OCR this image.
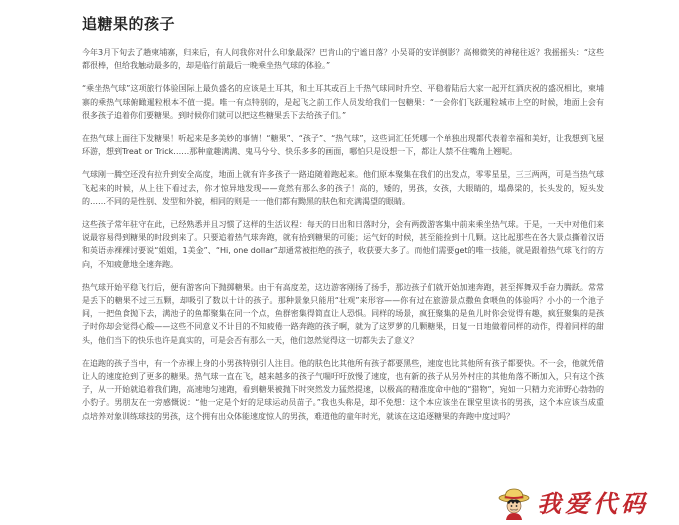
追糖果的孩子

今年3月下旬去了趟柬埔寨，归来后，有人问我你对什么印象最深？巴肯山的宁谧日落？小吴哥的安详倒影？高棉微笑的神秘往返？我摇摇头：“这些都很棒，但给我触动最多的，却是临行前最后一晚乘坐热气球的体验。”

“乘坐热气球”这项旅行体验国际上最负盛名的应该是土耳其，和土耳其或百上千热气球同时升空、平稳着陆后大家一起开红酒庆祝的盛况相比，柬埔寨的乘热气球俯瞰暹粒根本不值一提。唯一有点特别的，是起飞之前工作人员发给我们一包糖果：“一会你们飞跃暹粒城市上空的时候，地面上会有很多孩子追着你们要糖果。到时候你们就可以把这些糖果丢下去给孩子们。”

在热气球上面往下发糖果！听起来是多美妙的事情！“糖果”、“孩子”、“热气球”，这些词汇任凭哪一个单独出现都代表着幸福和美好，让我想到飞屋环游，想到Treat or Trick……那种童趣满满、鬼马兮兮、快乐多多的画面，哪怕只是设想一下，都让人禁不住嘴角上翘呢。

气球刚一腾空还没有拉升到安全高度，地面上就有许多孩子一路追随着跑起来。他们原本聚集在我们的出发点，零零星星，三三两两，可是当热气球飞起来的时候，从上往下看过去，你才惊异地发现——竟然有那么多的孩子！高的，矮的，男孩，女孩，大眼睛的，塌鼻梁的，长头发的，短头发的……不同的是性别、发型和外貌，相同的则是一一他们都有黝黑的肤色和充满渴望的眼睛。

这些孩子常年驻守在此，已经熟悉并且习惯了这样的生活议程：每天的日出和日落时分，会有两拨游客集中前来乘坐热气球。于是，一天中对他们来说最容易得到糖果的时段到来了。只要追着热气球奔跑，就有拾到糖果的可能；运气好的时候，甚至能捡到十几颗。这比起那些在各大景点撕着汉语和英语赤裸裸讨要说“姐姐，1美金”、“Hi, one dollar”却通常被拒绝的孩子，收获要大多了。而他们需要get的唯一技能，就是跟着热气球飞行的方向，不知疲惫地全速奔跑。

热气球开始平稳飞行后，便有游客向下抛掷糖果。由于有高度差，这边游客刚扬了扬手，那边孩子们就开始加速奔跑，甚至挥舞双手奋力腾跃。常常是丢下的糖果不过三五颗，却吸引了数以十计的孩子。那种景象只能用“壮观”来形容——你有过在旅游景点撒鱼食喂鱼的体验吗？小小的一个池子间，一把鱼食抛下去，满池子的鱼都聚集在同一个点，鱼群密集得简直让人恐惧。同样的场景，疯狂聚集的是鱼儿时你会觉得有趣，疯狂聚集的是孩子时你却会觉得心酸——这些不同意义不计目的不知疲倦一路奔跑的孩子啊，就为了这罗萝的几颗糖果，日复一日地做着同样的动作，得着同样的甜头，他们当下的快乐也许是真实的，可是会否有那么一天，他们忽然觉得这一切都失去了意义？

在追跑的孩子当中，有一个赤裸上身的小男孩特别引人注目。他的肤色比其他所有孩子都要黑些，速度也比其他所有孩子都要快。不一会，他就凭借让人的速度抢到了更多的糖果。热气球一直在飞，越来越多的孩子气喘吁吁放慢了速度，也有新的孩子从另外村庄的其他角落不断加入，只有这个孩子，从一开始就追着我们跑，高速地匀速跑，看到糖果被抛下时突然发力猛然提速，以极高的精准度命中他的“猎物”，宛如一只精力充沛野心勃勃的小豹子。男朋友在一旁感慨说：“他一定是个好的足球运动员苗子。”我也头称是，却不免想：这个本应该坐在课堂里读书的男孩，这个本应该当成重点培养对象训练球技的男孩，这个拥有出众体能速度惊人的男孩，难道他的童年时光，就该在这追逐糖果的奔跑中度过吗？

我爱代码
